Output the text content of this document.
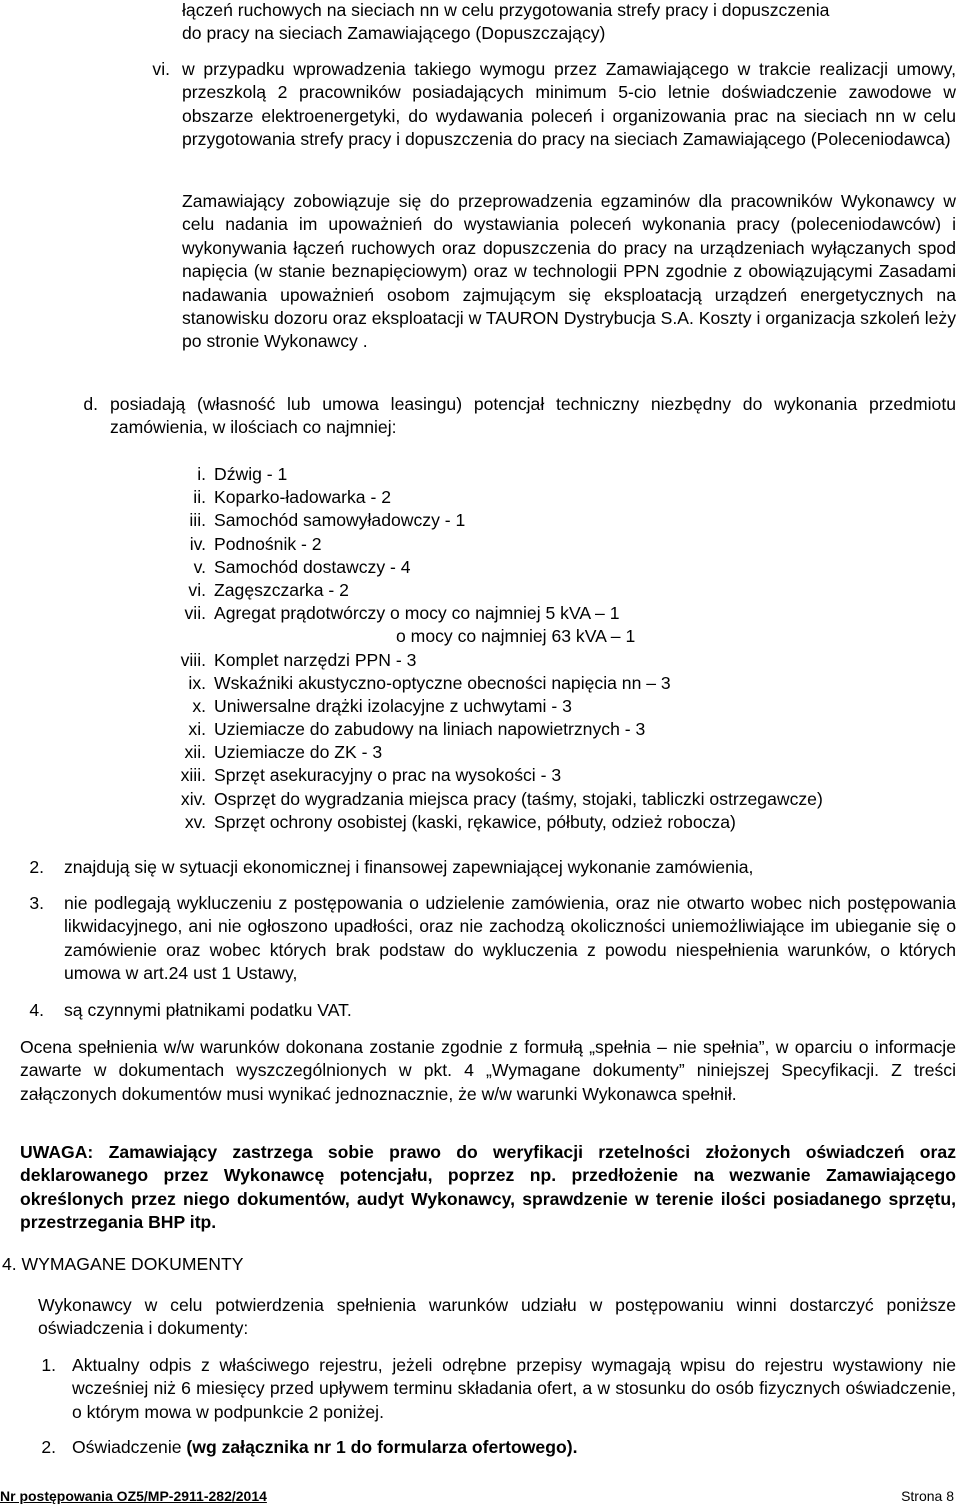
łączeń ruchowych na sieciach nn w celu przygotowania strefy pracy i dopuszczenia

do pracy na sieciach Zamawiającego (Dopuszczający)

vi. w przypadku wprowadzenia takiego wymogu przez Zamawiającego w trakcie realizacji umowy, przeszkolą 2 pracowników posiadających minimum 5-cio letnie doświadczenie zawodowe w obszarze elektroenergetyki, do wydawania poleceń i organizowania prac na sieciach nn w celu przygotowania strefy pracy i dopuszczenia do pracy na sieciach Zamawiającego (Poleceniodawca)
Zamawiający zobowiązuje się do przeprowadzenia egzaminów dla pracowników Wykonawcy w celu nadania im upoważnień do wystawiania poleceń wykonania pracy (poleceniodawców) i wykonywania łączeń ruchowych oraz dopuszczenia do pracy na urządzeniach wyłączanych spod napięcia (w stanie beznapięciowym) oraz w technologii PPN zgodnie z obowiązującymi Zasadami nadawania upoważnień osobom zajmującym się eksploatacją urządzeń energetycznych na stanowisku dozoru oraz eksploatacji w TAURON Dystrybucja S.A. Koszty i organizacja szkoleń leży po stronie Wykonawcy .
d. posiadają (własność lub umowa leasingu) potencjał techniczny niezbędny do wykonania przedmiotu zamówienia, w ilościach co najmniej:
i. Dźwig - 1
ii. Koparko-ładowarka - 2
iii. Samochód samowyładowczy - 1
iv. Podnośnik - 2
v. Samochód dostawczy - 4
vi. Zagęszczarka - 2
vii. Agregat prądotwórczy o mocy co najmniej 5 kVA – 1
o mocy co najmniej 63 kVA – 1
viii. Komplet narzędzi PPN - 3
ix. Wskaźniki akustyczno-optyczne obecności napięcia nn – 3
x. Uniwersalne drążki izolacyjne z uchwytami - 3
xi. Uziemiacze do zabudowy na liniach napowietrznych - 3
xii. Uziemiacze do ZK - 3
xiii. Sprzęt asekuracyjny o prac na wysokości - 3
xiv. Osprzęt do wygradzania miejsca pracy (taśmy, stojaki, tabliczki ostrzegawcze)
xv. Sprzęt ochrony osobistej (kaski, rękawice, półbuty, odzież robocza)
2. znajdują się w sytuacji ekonomicznej i finansowej zapewniającej wykonanie zamówienia,
3. nie podlegają wykluczeniu z postępowania o udzielenie zamówienia, oraz nie otwarto wobec nich postępowania likwidacyjnego, ani nie ogłoszono upadłości, oraz nie zachodzą okoliczności uniemożliwiające im ubieganie się o zamówienie oraz wobec których brak podstaw do wykluczenia z powodu niespełnienia warunków, o których umowa w art.24 ust 1 Ustawy,
4. są czynnymi płatnikami podatku VAT.
Ocena spełnienia w/w warunków dokonana zostanie zgodnie z formułą „spełnia – nie spełnia”, w oparciu o informacje zawarte w dokumentach wyszczególnionych w pkt. 4 „Wymagane dokumenty” niniejszej Specyfikacji. Z treści załączonych dokumentów musi wynikać jednoznacznie, że w/w warunki Wykonawca spełnił.
UWAGA: Zamawiający zastrzega sobie prawo do weryfikacji rzetelności złożonych oświadczeń oraz deklarowanego przez Wykonawcę potencjału, poprzez np. przedłożenie na wezwanie Zamawiającego określonych przez niego dokumentów, audyt Wykonawcy, sprawdzenie w terenie ilości posiadanego sprzętu, przestrzegania BHP itp.
4. WYMAGANE DOKUMENTY
Wykonawcy w celu potwierdzenia spełnienia warunków udziału w postępowaniu winni dostarczyć poniższe oświadczenia i dokumenty:
1. Aktualny odpis z właściwego rejestru, jeżeli odrębne przepisy wymagają wpisu do rejestru wystawiony nie wcześniej niż 6 miesięcy przed upływem terminu składania ofert, a w stosunku do osób fizycznych oświadczenie, o którym mowa w podpunkcie 2 poniżej.
2. Oświadczenie (wg załącznika nr 1 do formularza ofertowego).
Nr postępowania OZ5/MP-2911-282/2014	Strona 8
